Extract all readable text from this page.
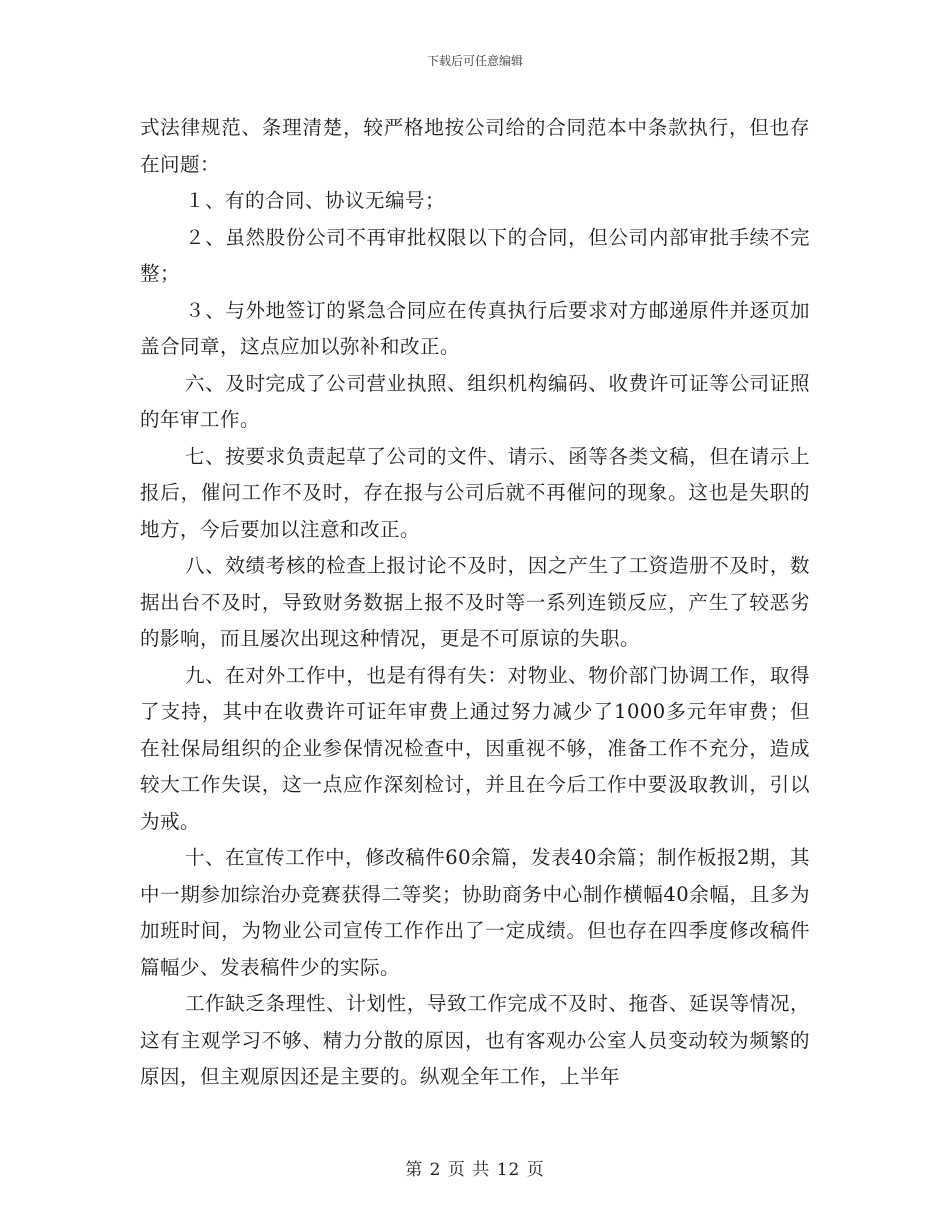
下载后可任意编辑

式法律规范、条理清楚，较严格地按公司给的合同范本中条款执行，但也存在问题：

１、有的合同、协议无编号；

２、虽然股份公司不再审批权限以下的合同，但公司内部审批手续不完整；

３、与外地签订的紧急合同应在传真执行后要求对方邮递原件并逐页加盖合同章，这点应加以弥补和改正。

六、及时完成了公司营业执照、组织机构编码、收费许可证等公司证照的年审工作。

七、按要求负责起草了公司的文件、请示、函等各类文稿，但在请示上报后，催问工作不及时，存在报与公司后就不再催问的现象。这也是失职的地方，今后要加以注意和改正。

八、效绩考核的检查上报讨论不及时，因之产生了工资造册不及时，数据出台不及时，导致财务数据上报不及时等一系列连锁反应，产生了较恶劣的影响，而且屡次出现这种情况，更是不可原谅的失职。

九、在对外工作中，也是有得有失：对物业、物价部门协调工作，取得了支持，其中在收费许可证年审费上通过努力减少了1000多元年审费；但在社保局组织的企业参保情况检查中，因重视不够，准备工作不充分，造成较大工作失误，这一点应作深刻检讨，并且在今后工作中要汲取教训，引以为戒。

十、在宣传工作中，修改稿件60余篇，发表40余篇；制作板报2期，其中一期参加综治办竞赛获得二等奖；协助商务中心制作横幅40余幅，且多为加班时间，为物业公司宣传工作作出了一定成绩。但也存在四季度修改稿件篇幅少、发表稿件少的实际。

工作缺乏条理性、计划性，导致工作完成不及时、拖沓、延误等情况，这有主观学习不够、精力分散的原因，也有客观办公室人员变动较为频繁的原因，但主观原因还是主要的。纵观全年工作，上半年

第 2 页 共 12 页
